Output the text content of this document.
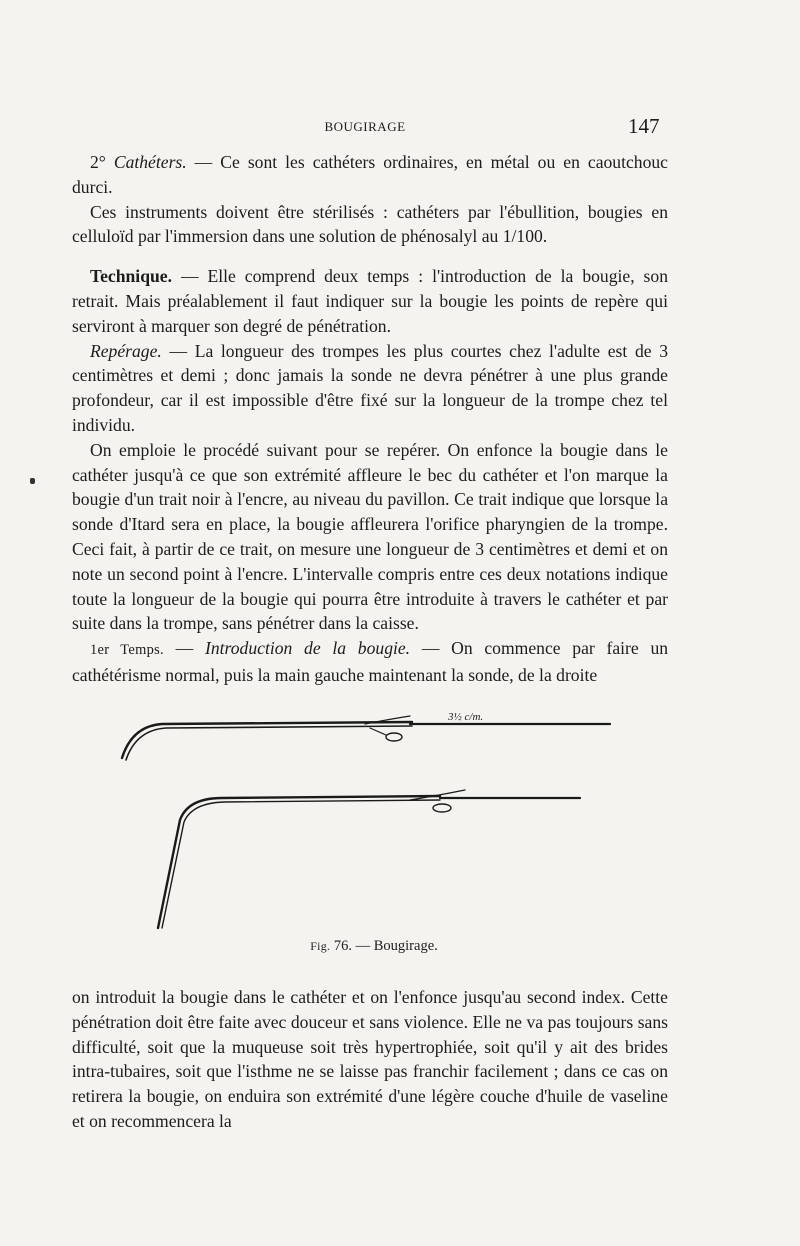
BOUGIRAGE	147

2° Cathéters. — Ce sont les cathéters ordinaires, en métal ou en caoutchouc durci.

Ces instruments doivent être stérilisés : cathéters par l'ébullition, bougies en celluloïd par l'immersion dans une solution de phénosalyl au 1/100.

Technique. — Elle comprend deux temps : l'introduction de la bougie, son retrait. Mais préalablement il faut indiquer sur la bougie les points de repère qui serviront à marquer son degré de pénétration.

Repérage. — La longueur des trompes les plus courtes chez l'adulte est de 3 centimètres et demi ; donc jamais la sonde ne devra pénétrer à une plus grande profondeur, car il est impossible d'être fixé sur la longueur de la trompe chez tel individu.

On emploie le procédé suivant pour se repérer. On enfonce la bougie dans le cathéter jusqu'à ce que son extrémité affleure le bec du cathéter et l'on marque la bougie d'un trait noir à l'encre, au niveau du pavillon. Ce trait indique que lorsque la sonde d'Itard sera en place, la bougie affleurera l'orifice pharyngien de la trompe. Ceci fait, à partir de ce trait, on mesure une longueur de 3 centimètres et demi et on note un second point à l'encre. L'intervalle compris entre ces deux notations indique toute la longueur de la bougie qui pourra être introduite à travers le cathéter et par suite dans la trompe, sans pénétrer dans la caisse.

1er Temps. — Introduction de la bougie. — On commence par faire un cathétérisme normal, puis la main gauche maintenant la sonde, de la droite

3½ c/m.
Fig. 76. — Bougirage.

on introduit la bougie dans le cathéter et on l'enfonce jusqu'au second index. Cette pénétration doit être faite avec douceur et sans violence. Elle ne va pas toujours sans difficulté, soit que la muqueuse soit très hypertrophiée, soit qu'il y ait des brides intra-tubaires, soit que l'isthme ne se laisse pas franchir facilement ; dans ce cas on retirera la bougie, on enduira son extrémité d'une légère couche d'huile de vaseline et on recommencera la
